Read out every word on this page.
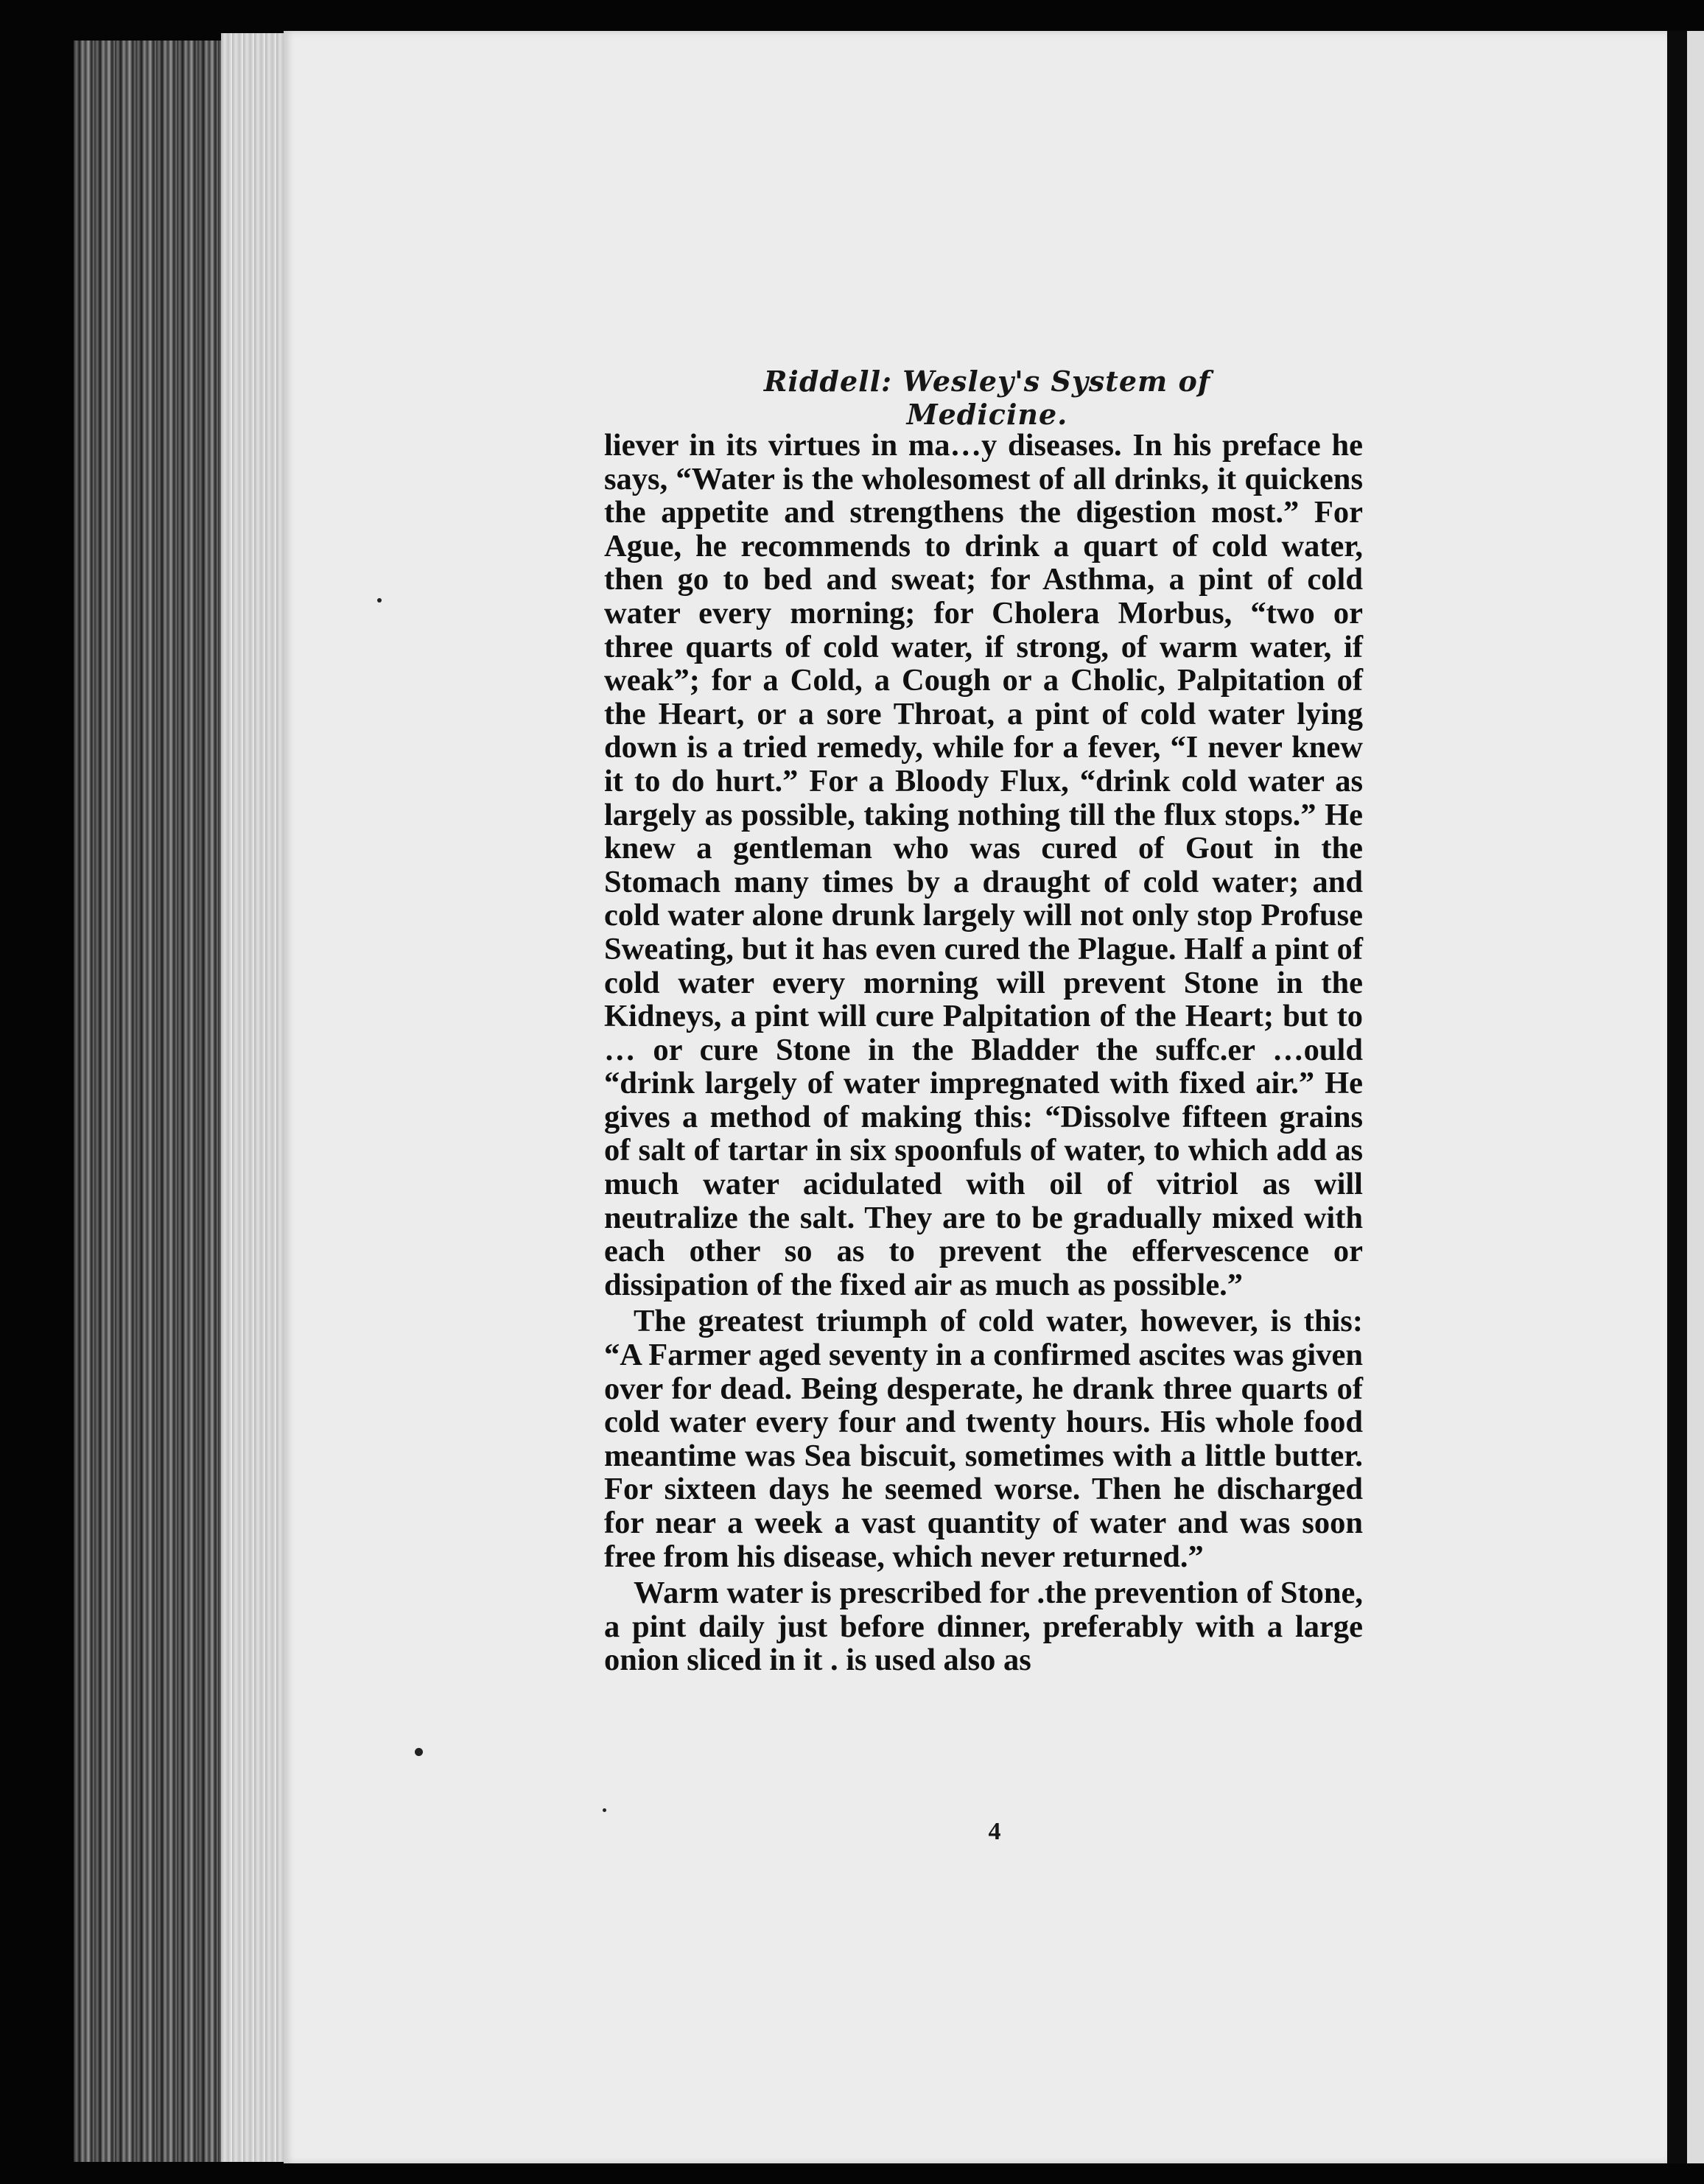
Riddell: Wesley's System of Medicine.

liever in its virtues in ma…y diseases. In his preface he says, “Water is the wholesomest of all drinks, it quickens the appetite and strengthens the digestion most.” For Ague, he recommends to drink a quart of cold water, then go to bed and sweat; for Asthma, a pint of cold water every morning; for Cholera Morbus, “two or three quarts of cold water, if strong, of warm water, if weak”; for a Cold, a Cough or a Cholic, Palpitation of the Heart, or a sore Throat, a pint of cold water lying down is a tried remedy, while for a fever, “I never knew it to do hurt.” For a Bloody Flux, “drink cold water as largely as possible, taking nothing till the flux stops.” He knew a gentleman who was cured of Gout in the Stomach many times by a draught of cold water; and cold water alone drunk largely will not only stop Profuse Sweating, but it has even cured the Plague. Half a pint of cold water every morning will prevent Stone in the Kidneys, a pint will cure Palpitation of the Heart; but to … or cure Stone in the Bladder the suffc.er …ould “drink largely of water impregnated with fixed air.” He gives a method of making this: “Dissolve fifteen grains of salt of tartar in six spoonfuls of water, to which add as much water acidulated with oil of vitriol as will neutralize the salt. They are to be gradually mixed with each other so as to prevent the effervescence or dissipation of the fixed air as much as possible.”

The greatest triumph of cold water, however, is this: “A Farmer aged seventy in a confirmed ascites was given over for dead. Being desperate, he drank three quarts of cold water every four and twenty hours. His whole food meantime was Sea biscuit, sometimes with a little butter. For sixteen days he seemed worse. Then he discharged for near a week a vast quantity of water and was soon free from his disease, which never returned.”

Warm water is prescribed for .the prevention of Stone, a pint daily just before dinner, preferably with a large onion sliced in it . is used also as

4
